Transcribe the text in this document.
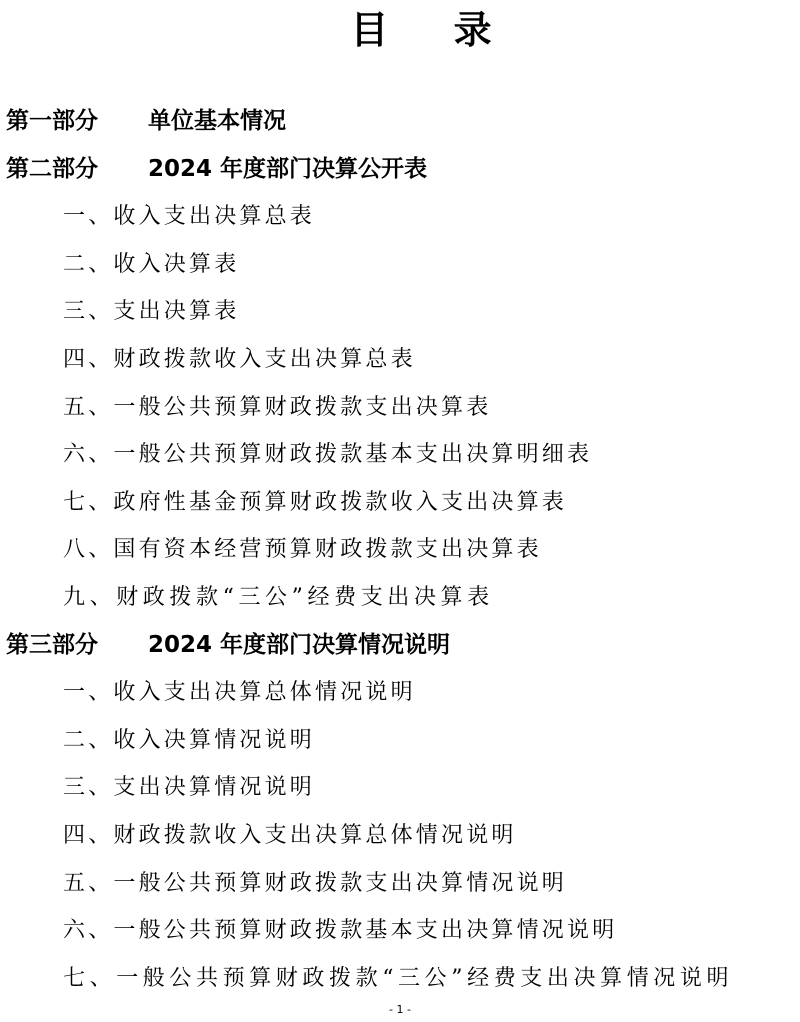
目 录
第一部分 单位基本情况
第二部分 2024 年度部门决算公开表
一、收入支出决算总表
二、收入决算表
三、支出决算表
四、财政拨款收入支出决算总表
五、一般公共预算财政拨款支出决算表
六、一般公共预算财政拨款基本支出决算明细表
七、政府性基金预算财政拨款收入支出决算表
八、国有资本经营预算财政拨款支出决算表
九、财政拨款“三公”经费支出决算表
第三部分 2024 年度部门决算情况说明
一、收入支出决算总体情况说明
二、收入决算情况说明
三、支出决算情况说明
四、财政拨款收入支出决算总体情况说明
五、一般公共预算财政拨款支出决算情况说明
六、一般公共预算财政拨款基本支出决算情况说明
七、一般公共预算财政拨款“三公”经费支出决算情况说明
- 1 -
